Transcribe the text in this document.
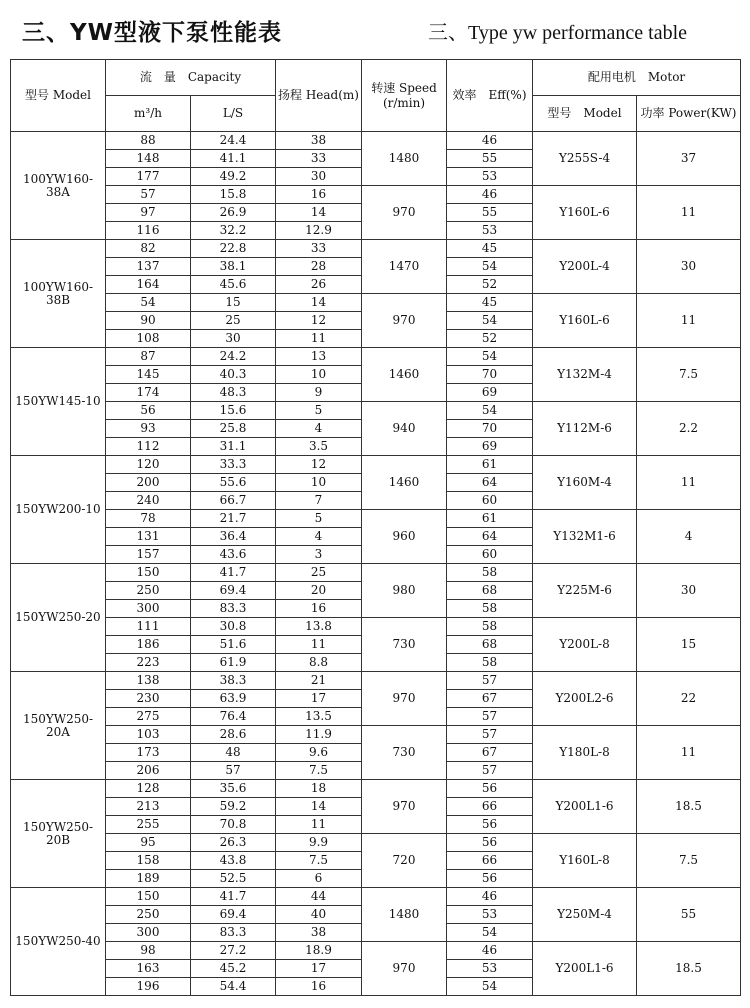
三、YW型液下泵性能表	三、Type yw performance table
型号 Model	流　量　Capacity		扬程 Head(m)	转速 Speed (r/min)	效率　Eff(%)	配用电机　Motor	
	m³/h	L/S				型号　Model	功率 Power(KW)
100YW160-38A	88	24.4	38	1480	46	Y255S-4	37
	148	41.1	33		55		
	177	49.2	30		53		
	57	15.8	16	970	46	Y160L-6	11
	97	26.9	14		55		
	116	32.2	12.9		53		
100YW160-38B	82	22.8	33	1470	45	Y200L-4	30
	137	38.1	28		54		
	164	45.6	26		52		
	54	15	14	970	45	Y160L-6	11
	90	25	12		54		
	108	30	11		52		
150YW145-10	87	24.2	13	1460	54	Y132M-4	7.5
	145	40.3	10		70		
	174	48.3	9		69		
	56	15.6	5	940	54	Y112M-6	2.2
	93	25.8	4		70		
	112	31.1	3.5		69		
150YW200-10	120	33.3	12	1460	61	Y160M-4	11
	200	55.6	10		64		
	240	66.7	7		60		
	78	21.7	5	960	61	Y132M1-6	4
	131	36.4	4		64		
	157	43.6	3		60		
150YW250-20	150	41.7	25	980	58	Y225M-6	30
	250	69.4	20		68		
	300	83.3	16		58		
	111	30.8	13.8	730	58	Y200L-8	15
	186	51.6	11		68		
	223	61.9	8.8		58		
150YW250-20A	138	38.3	21	970	57	Y200L2-6	22
	230	63.9	17		67		
	275	76.4	13.5		57		
	103	28.6	11.9	730	57	Y180L-8	11
	173	48	9.6		67		
	206	57	7.5		57		
150YW250-20B	128	35.6	18	970	56	Y200L1-6	18.5
	213	59.2	14		66		
	255	70.8	11		56		
	95	26.3	9.9	720	56	Y160L-8	7.5
	158	43.8	7.5		66		
	189	52.5	6		56		
150YW250-40	150	41.7	44	1480	46	Y250M-4	55
	250	69.4	40		53		
	300	83.3	38		54		
	98	27.2	18.9	970	46	Y200L1-6	18.5
	163	45.2	17		53		
	196	54.4	16		54		
